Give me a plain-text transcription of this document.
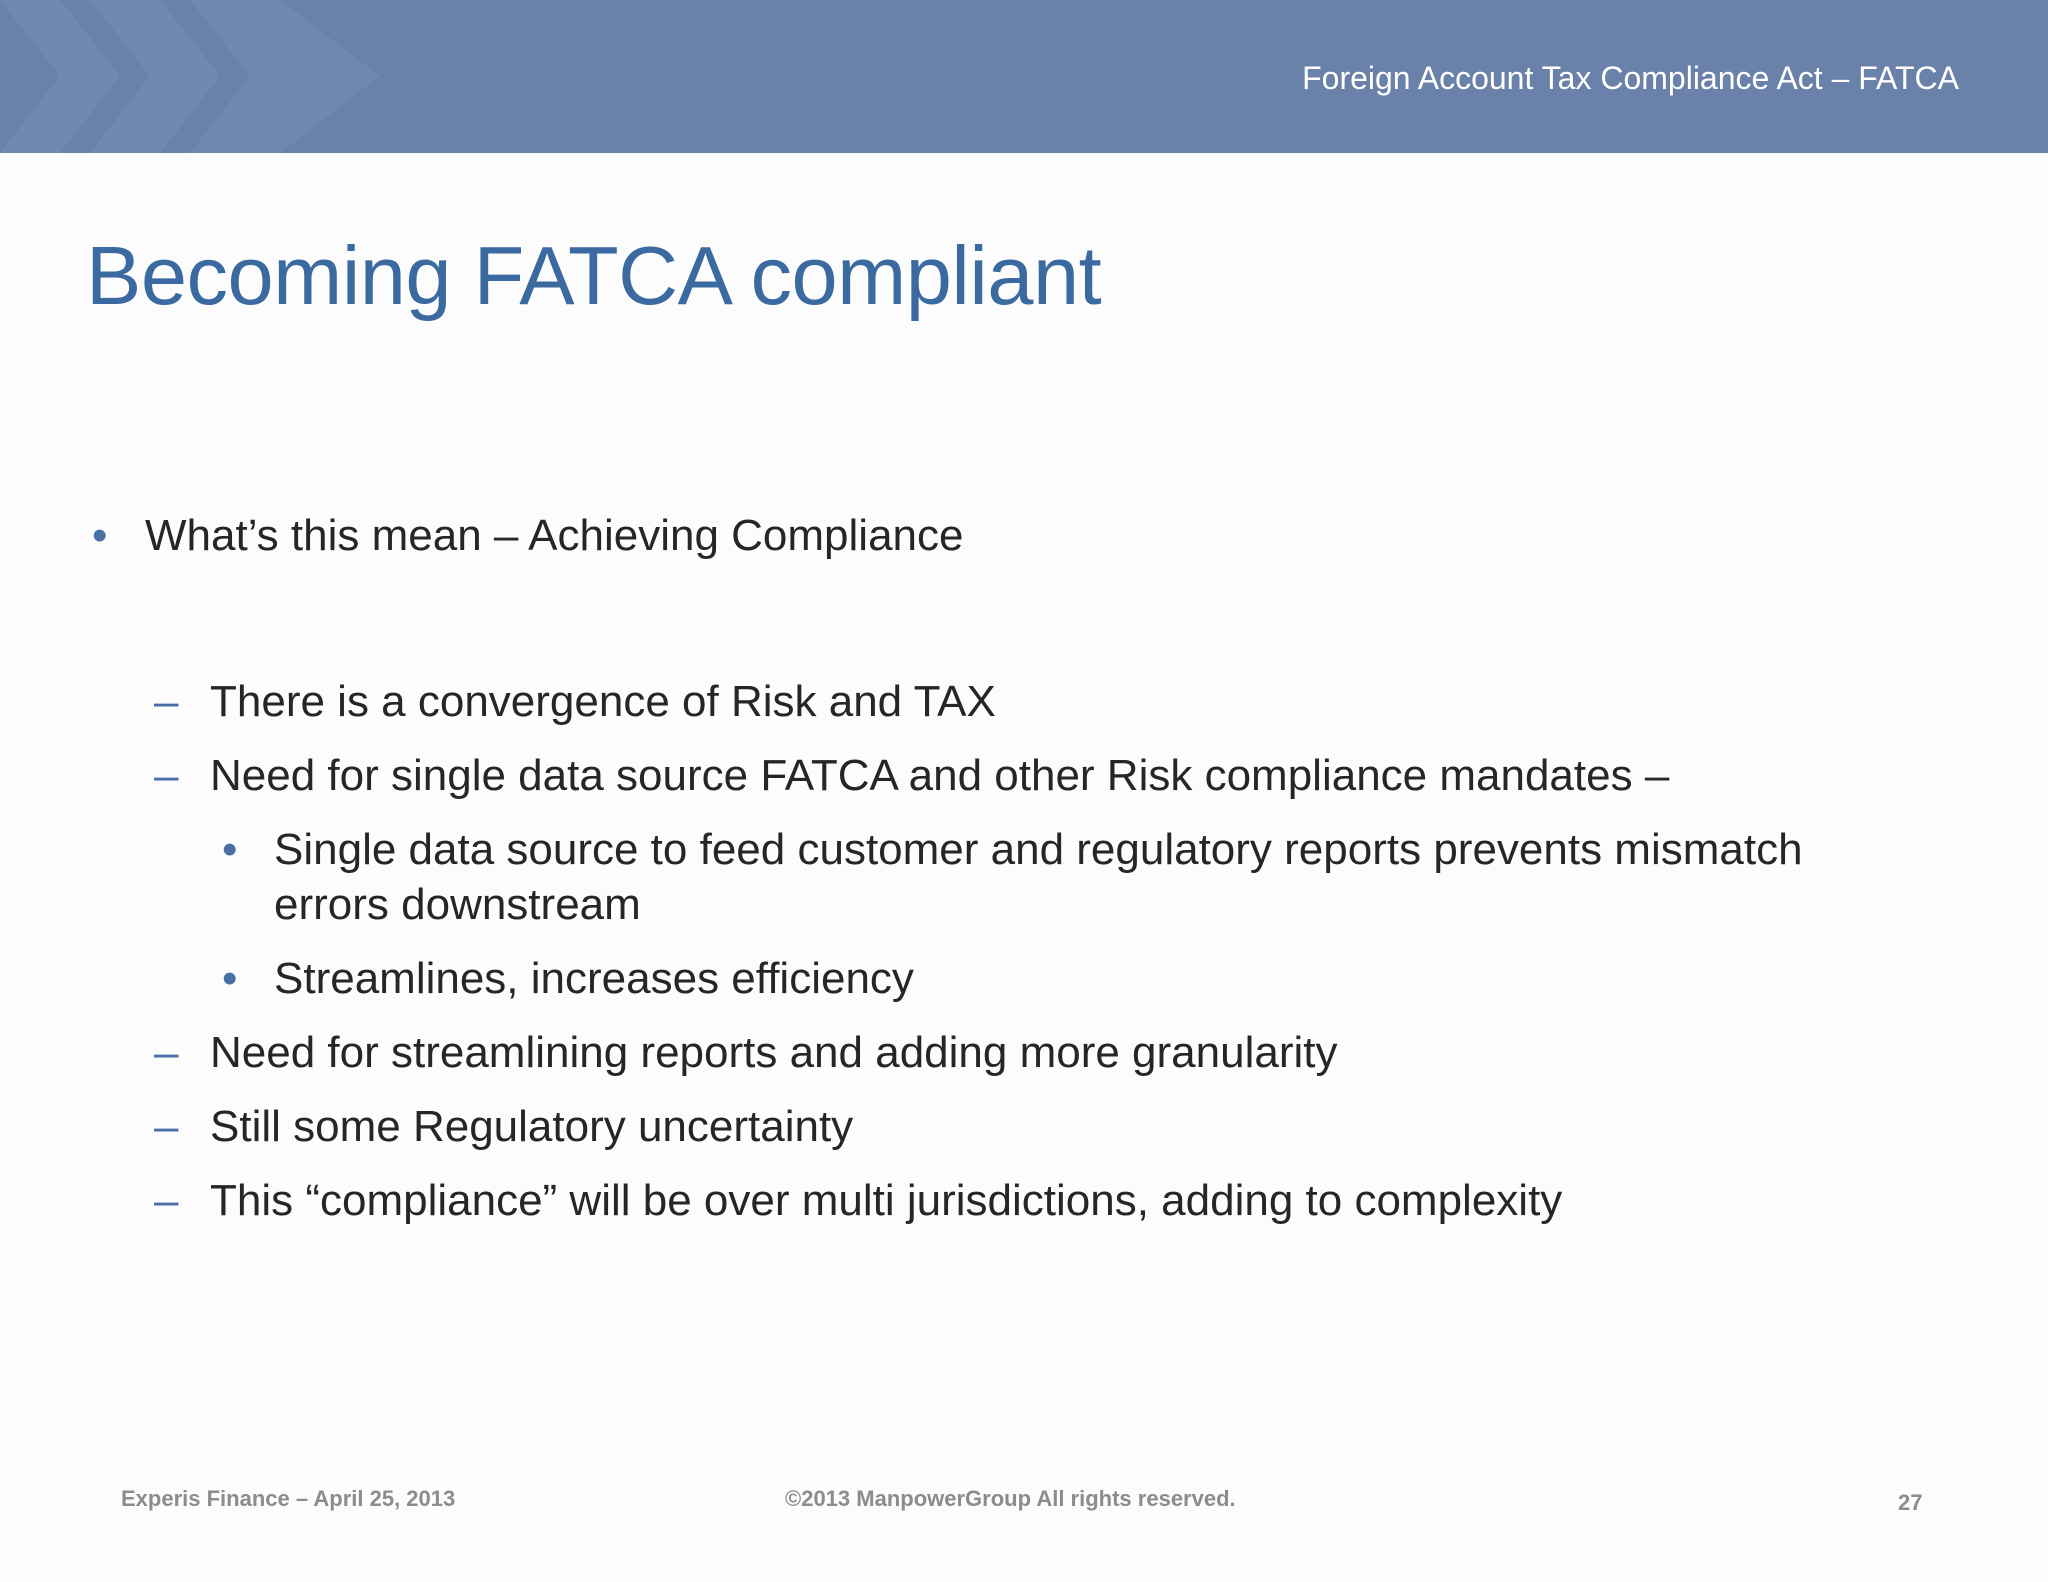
Foreign Account Tax Compliance Act – FATCA
Becoming FATCA compliant
• What’s this mean – Achieving Compliance
– There is a convergence of Risk and TAX
– Need for single data source FATCA and other Risk compliance mandates –
• Single data source to feed customer and regulatory reports prevents mismatch
errors downstream
• Streamlines, increases efficiency
– Need for streamlining reports and adding more granularity
– Still some Regulatory uncertainty
– This “compliance” will be over multi jurisdictions, adding to complexity
Experis Finance – April 25, 2013	©2013 ManpowerGroup All rights reserved.	27
